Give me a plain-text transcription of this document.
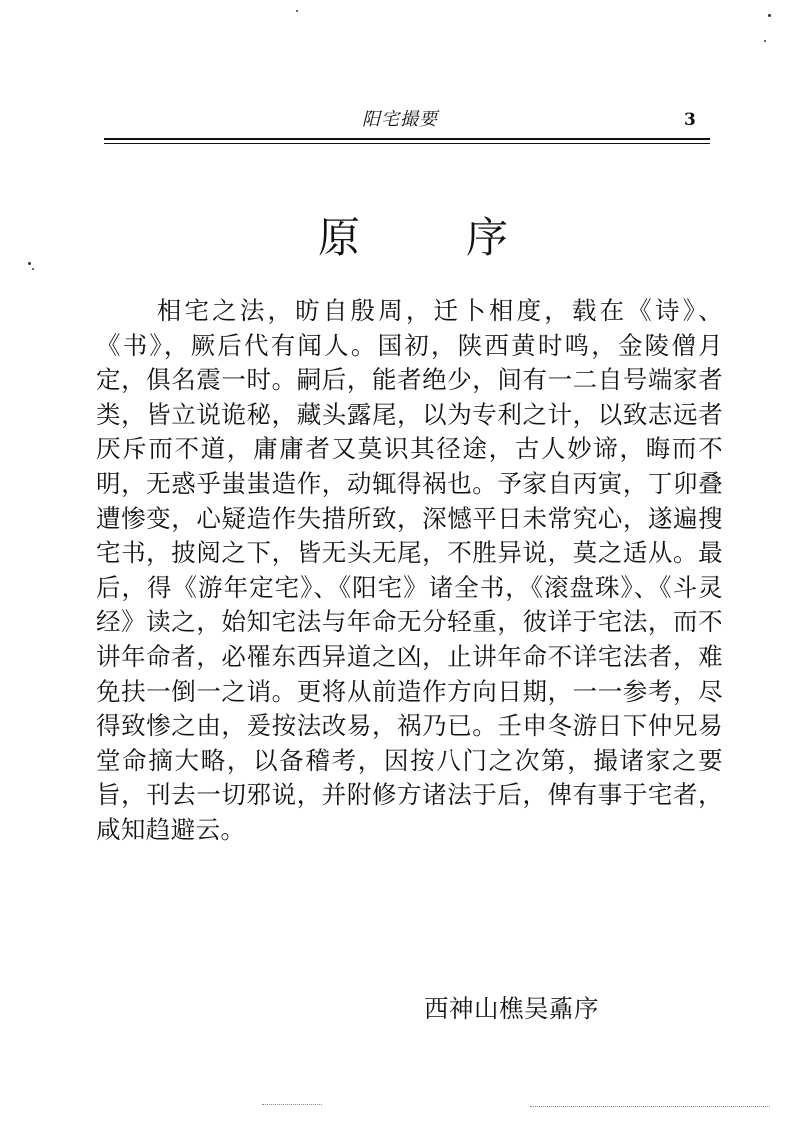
阳宅撮要	3
原	序
相宅之法，昉自殷周，迁卜相度，载在《诗》、《书》，厥后代有闻人。国初，陕西黄时鸣，金陵僧月定，俱名震一时。嗣后，能者绝少，间有一二自号端家者类，皆立说诡秘，藏头露尾，以为专利之计，以致志远者厌斥而不道，庸庸者又莫识其径途，古人妙谛，晦而不明，无惑乎蚩蚩造作，动辄得祸也。予家自丙寅，丁卯叠遭惨变，心疑造作失措所致，深憾平日未常究心，遂遍搜宅书，披阅之下，皆无头无尾，不胜异说，莫之适从。最后，得《游年定宅》、《阳宅》诸全书，《滚盘珠》、《斗灵经》读之，始知宅法与年命无分轻重，彼详于宅法，而不讲年命者，必罹东西异道之凶，止讲年命不详宅法者，难免扶一倒一之诮。更将从前造作方向日期，一一参考，尽得致惨之由，爰按法改易，祸乃已。壬申冬游日下仲兄易堂命摘大略，以备稽考，因按八门之次第，撮诸家之要旨，刊去一切邪说，并附修方诸法于后，俾有事于宅者，咸知趋避云。
西神山樵吴鼒序
